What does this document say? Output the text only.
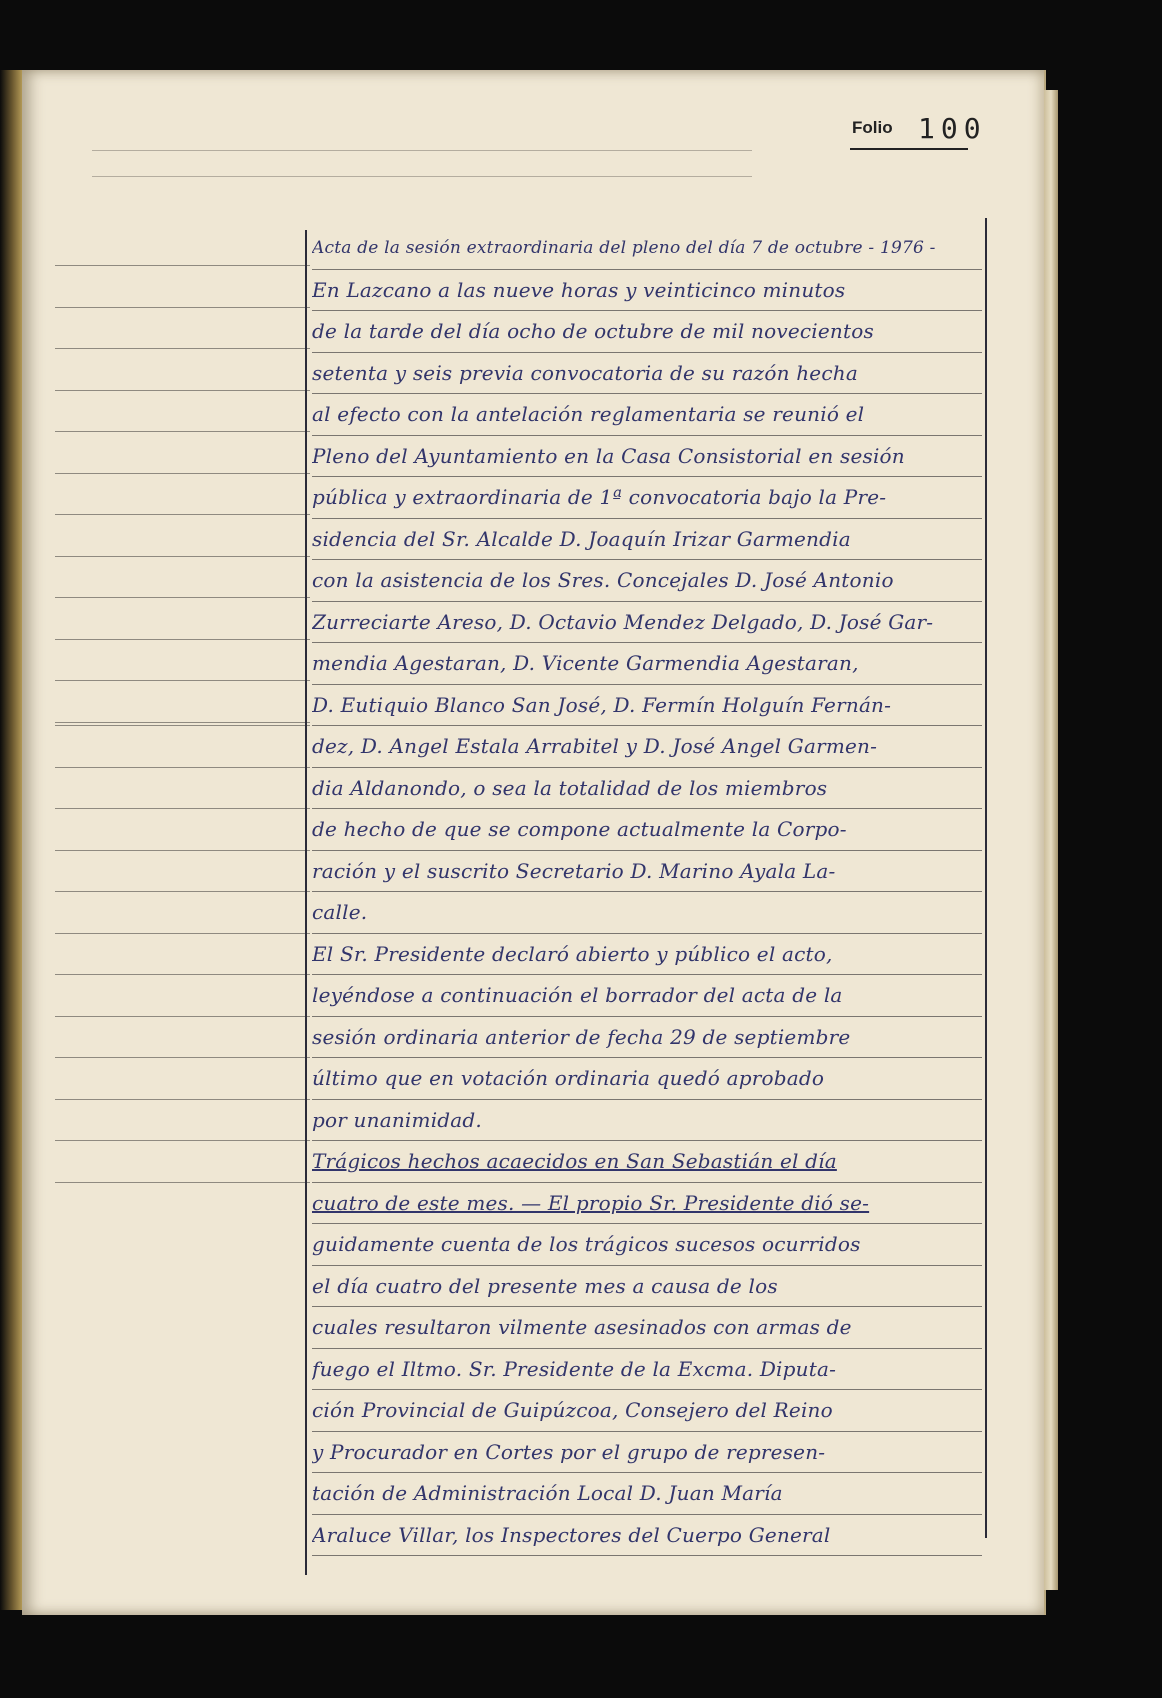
Folio 100
Acta de la sesión extraordinaria del pleno del día 7 de octubre - 1976 -
En Lazcano a las nueve horas y veinticinco minutos
de la tarde del día ocho de octubre de mil novecientos
setenta y seis previa convocatoria de su razón hecha
al efecto con la antelación reglamentaria se reunió el
Pleno del Ayuntamiento en la Casa Consistorial en sesión
pública y extraordinaria de 1ª convocatoria bajo la Pre-
sidencia del Sr. Alcalde D. Joaquín Irizar Garmendia
con la asistencia de los Sres. Concejales D. José Antonio
Zurreciarte Areso, D. Octavio Mendez Delgado, D. José Gar-
mendia Agestaran, D. Vicente Garmendia Agestaran,
D. Eutiquio Blanco San José, D. Fermín Holguín Fernán-
dez, D. Angel Estala Arrabitel y D. José Angel Garmen-
dia Aldanondo, o sea la totalidad de los miembros
de hecho de que se compone actualmente la Corpo-
ración y el suscrito Secretario D. Marino Ayala La-
calle.
El Sr. Presidente declaró abierto y público el acto,
leyéndose a continuación el borrador del acta de la
sesión ordinaria anterior de fecha 29 de septiembre
último que en votación ordinaria quedó aprobado
por unanimidad.
Trágicos hechos acaecidos en San Sebastián el día
cuatro de este mes. — El propio Sr. Presidente dió se-
guidamente cuenta de los trágicos sucesos ocurridos
el día cuatro del presente mes a causa de los
cuales resultaron vilmente asesinados con armas de
fuego el Iltmo. Sr. Presidente de la Excma. Diputa-
ción Provincial de Guipúzcoa, Consejero del Reino
y Procurador en Cortes por el grupo de represen-
tación de Administración Local D. Juan María
Araluce Villar, los Inspectores del Cuerpo General
